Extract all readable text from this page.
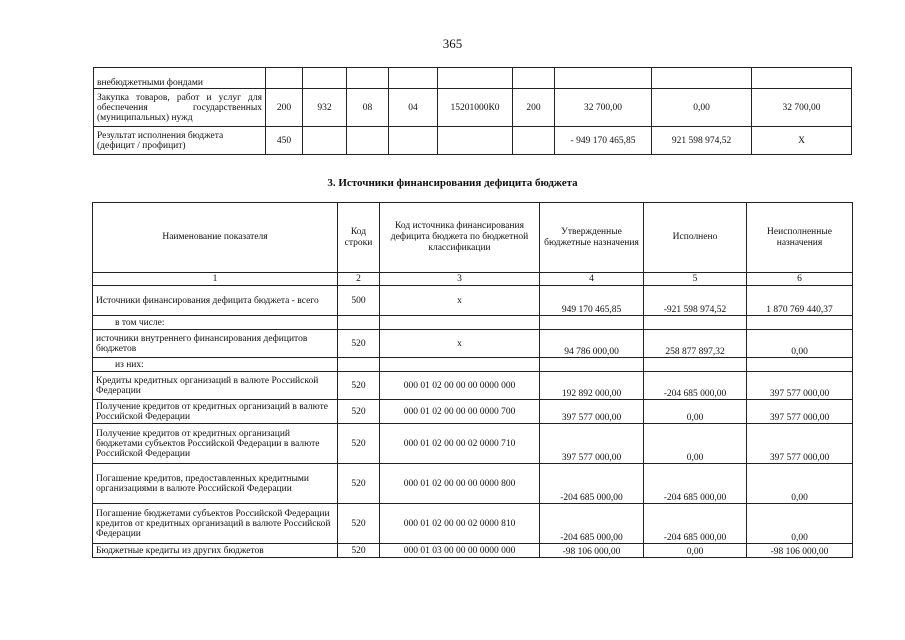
365
внебюджетными фондами									
Закупка товаров, работ и услуг для обеспечения государственных (муниципальных) нужд	200	932	08	04	15201000К0	200	32 700,00	0,00	32 700,00
Результат исполнения бюджета (дефицит / профицит)	450						- 949 170 465,85	921 598 974,52	X
3. Источники финансирования дефицита бюджета
Наименование показателя	Код строки	Код источника финансирования дефицита бюджета по бюджетной классификации	Утвержденные бюджетные назначения	Исполнено	Неисполненные назначения
1	2	3	4	5	6
Источники финансирования дефицита бюджета - всего	500	х	949 170 465,85	-921 598 974,52	1 870 769 440,37
в том числе:					
источники внутреннего финансирования дефицитов бюджетов	520	х	94 786 000,00	258 877 897,32	0,00
из них:					
Кредиты кредитных организаций в валюте Российской Федерации	520	000 01 02 00 00 00 0000 000	192 892 000,00	-204 685 000,00	397 577 000,00
Получение кредитов от кредитных организаций в валюте Российской Федерации	520	000 01 02 00 00 00 0000 700	397 577 000,00	0,00	397 577 000,00
Получение кредитов от кредитных организаций бюджетами субъектов Российской Федерации в валюте Российской Федерации	520	000 01 02 00 00 02 0000 710	397 577 000,00	0,00	397 577 000,00
Погашение кредитов, предоставленных кредитными организациями в валюте Российской Федерации	520	000 01 02 00 00 00 0000 800	-204 685 000,00	-204 685 000,00	0,00
Погашение бюджетами субъектов Российской Федерации кредитов от кредитных организаций в валюте Российской Федерации	520	000 01 02 00 00 02 0000 810	-204 685 000,00	-204 685 000,00	0,00
Бюджетные кредиты из других бюджетов	520	000 01 03 00 00 00 0000 000	-98 106 000,00	0,00	-98 106 000,00
